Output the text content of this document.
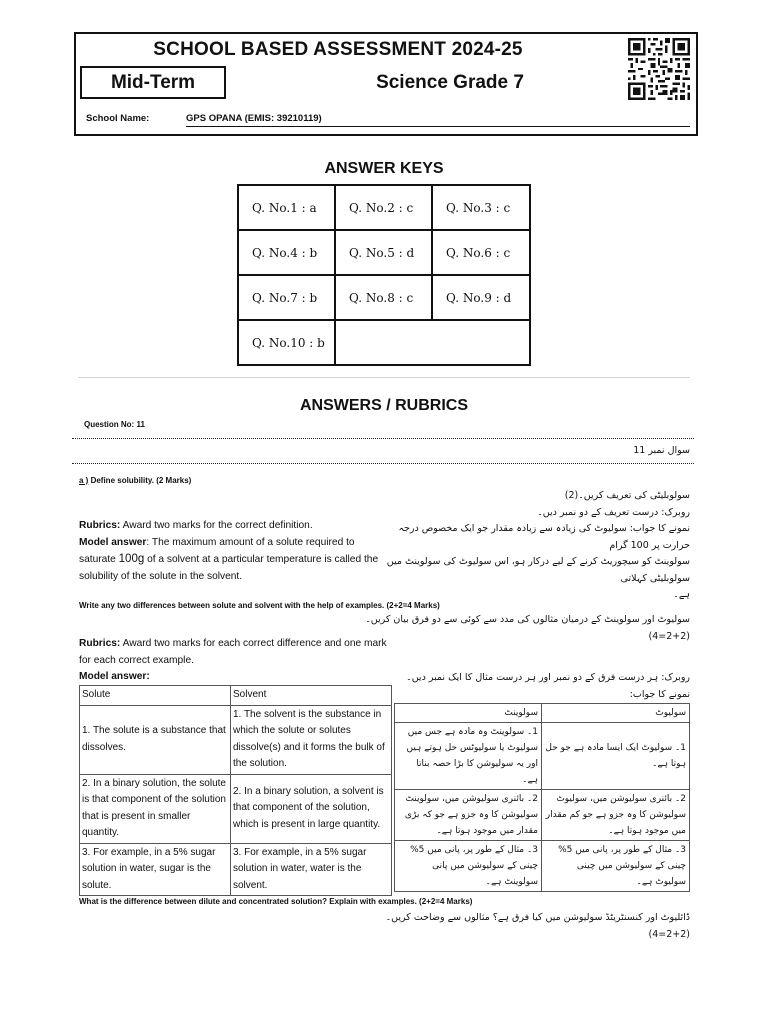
SCHOOL BASED ASSESSMENT 2024-25
Mid-Term	Science Grade 7
School Name:	GPS OPANA (EMIS: 39210119)
ANSWER KEYS
Q. No.1 : a	Q. No.2 : c	Q. No.3 : c
Q. No.4 : b	Q. No.5 : d	Q. No.6 : c
Q. No.7 : b	Q. No.8 : c	Q. No.9 : d
Q. No.10 : b		
ANSWERS / RUBRICS
Question No: 11
سوال نمبر 11
a ) Define solubility. (2 Marks)
سولوبلیٹی کی تعریف کریں۔(2)
روبرک: درست تعریف کے دو نمبر دیں۔
نمونے کا جواب: سولیوٹ کی زیادہ سے زیادہ مقدار جو ایک مخصوص درجہ حرارت پر 100 گرام
سولوینٹ کو سیچوریٹ کرنے کے لیے درکار ہو، اس سولیوٹ کی سولوینٹ میں سولوبلیٹی کہلاتی
ہے۔
Rubrics: Award two marks for the correct definition.
Model answer: The maximum amount of a solute required to saturate 100g of a solvent at a particular temperature is called the solubility of the solute in the solvent.
Write any two differences between solute and solvent with the help of examples. (2+2=4 Marks)
سولیوٹ اور سولوینٹ کے درمیان مثالوں کی مدد سے کوئی سے دو فرق بیان کریں۔(2+2=4)
Rubrics: Award two marks for each correct difference and one mark for each correct example.
Model answer:	روبرک: ہر درست فرق کے دو نمبر اور ہر درست مثال کا ایک نمبر دیں۔
نمونے کا جواب:
Solute	Solvent
1. The solute is a substance that dissolves.	1. The solvent is the substance in which the solute or solutes dissolve(s) and it forms the bulk of the solution.
2. In a binary solution, the solute is that component of the solution that is present in smaller quantity.	2. In a binary solution, a solvent is that component of the solution, which is present in large quantity.
3. For example, in a 5% sugar solution in water, sugar is the solute.	3. For example, in a 5% sugar solution in water, water is the solvent.
سولیوٹ	سولوینٹ
1۔ سولیوٹ ایک ایسا مادہ ہے جو حل ہوتا ہے۔	1۔ سولوینٹ وہ مادہ ہے جس میں سولیوٹ یا سولیوٹس حل ہوتے ہیں اور یہ سولیوشن کا بڑا حصہ بناتا ہے۔
2۔ بائنری سولیوشن میں، سولیوٹ سولیوشن کا وہ جزو ہے جو کم مقدار میں موجود ہوتا ہے۔	2۔ بائنری سولیوشن میں، سولوینٹ سولیوشن کا وہ جزو ہے جو کہ بڑی مقدار میں موجود ہوتا ہے۔
3۔ مثال کے طور پر، پانی میں 5% چینی کے سولیوشن میں چینی سولیوٹ ہے۔	3۔ مثال کے طور پر، پانی میں 5% چینی کے سولیوشن میں پانی سولوینٹ ہے۔
What is the difference between dilute and concentrated solution? Explain with examples. (2+2=4 Marks)
ڈائلیوٹ اور کنسنٹریٹڈ سولیوشن میں کیا فرق ہے؟ مثالوں سے وضاحت کریں۔(2+2=4)
